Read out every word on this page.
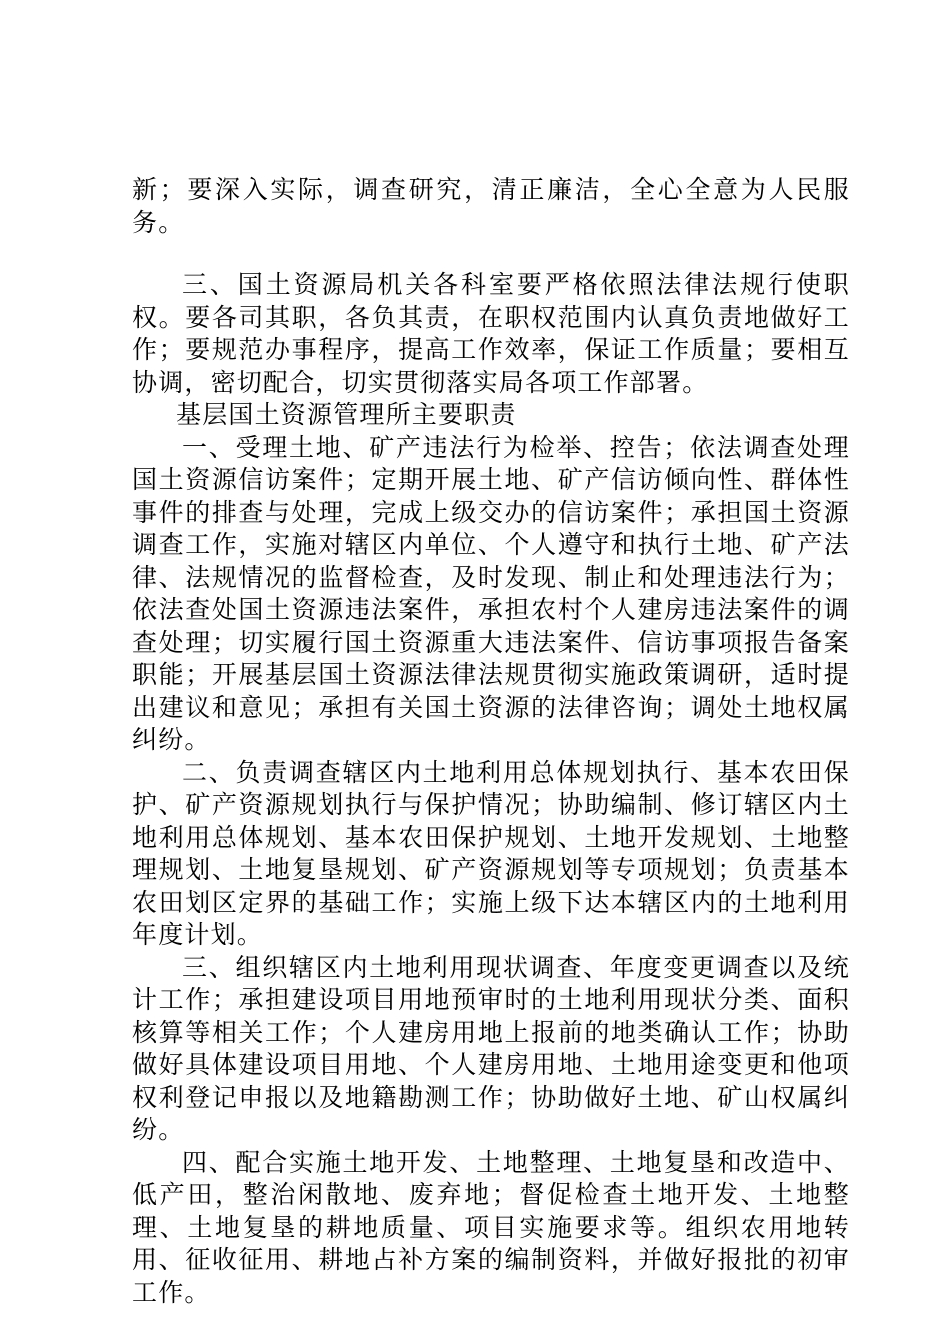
新；要深入实际，调查研究，清正廉洁，全心全意为人民服务。

三、国土资源局机关各科室要严格依照法律法规行使职权。要各司其职，各负其责，在职权范围内认真负责地做好工作；要规范办事程序，提高工作效率，保证工作质量；要相互协调，密切配合，切实贯彻落实局各项工作部署。

基层国土资源管理所主要职责

一、受理土地、矿产违法行为检举、控告；依法调查处理国土资源信访案件；定期开展土地、矿产信访倾向性、群体性事件的排查与处理，完成上级交办的信访案件；承担国土资源调查工作，实施对辖区内单位、个人遵守和执行土地、矿产法律、法规情况的监督检查，及时发现、制止和处理违法行为；依法查处国土资源违法案件，承担农村个人建房违法案件的调查处理；切实履行国土资源重大违法案件、信访事项报告备案职能；开展基层国土资源法律法规贯彻实施政策调研，适时提出建议和意见；承担有关国土资源的法律咨询；调处土地权属纠纷。

二、负责调查辖区内土地利用总体规划执行、基本农田保护、矿产资源规划执行与保护情况；协助编制、修订辖区内土地利用总体规划、基本农田保护规划、土地开发规划、土地整理规划、土地复垦规划、矿产资源规划等专项规划；负责基本农田划区定界的基础工作；实施上级下达本辖区内的土地利用年度计划。

三、组织辖区内土地利用现状调查、年度变更调查以及统计工作；承担建设项目用地预审时的土地利用现状分类、面积核算等相关工作；个人建房用地上报前的地类确认工作；协助做好具体建设项目用地、个人建房用地、土地用途变更和他项权利登记申报以及地籍勘测工作；协助做好土地、矿山权属纠纷。

四、配合实施土地开发、土地整理、土地复垦和改造中、低产田，整治闲散地、废弃地；督促检查土地开发、土地整理、土地复垦的耕地质量、项目实施要求等。组织农用地转用、征收征用、耕地占补方案的编制资料，并做好报批的初审工作。
